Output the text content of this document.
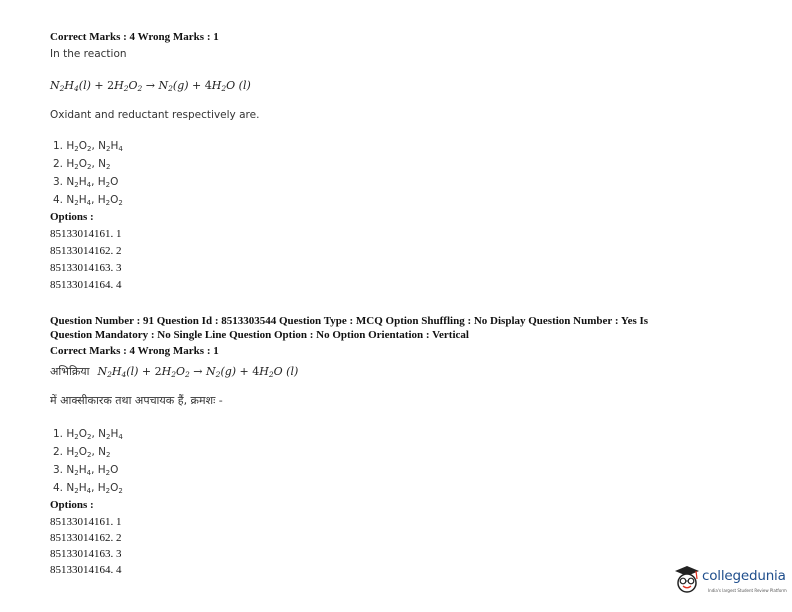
Correct Marks : 4 Wrong Marks : 1
In the reaction
$N_2H_4(l) + 2H_2O_2 \to N_2(g) + 4H_2O$ (l)
Oxidant and reductant respectively are.
1. $H_2O_2$, $N_2H_4$
2. $H_2O_2$, $N_2$
3. $N_2H_4$, $H_2O$
4. $N_2H_4$, $H_2O_2$
Options :
85133014161. 1
85133014162. 2
85133014163. 3
85133014164. 4
Question Number : 91 Question Id : 8513303544 Question Type : MCQ Option Shuffling : No Display Question Number : Yes Is
Question Mandatory : No Single Line Question Option : No Option Orientation : Vertical
Correct Marks : 4 Wrong Marks : 1
अभिक्रिया $N_2H_4(l) + 2H_2O_2 \to N_2(g) + 4H_2O$ (l)
में आक्सीकारक तथा अपचायक हैं, क्रमशः -
1. $H_2O_2$, $N_2H_4$
2. $H_2O_2$, $N_2$
3. $N_2H_4$, $H_2O$
4. $N_2H_4$, $H_2O_2$
Options :
85133014161. 1
85133014162. 2
85133014163. 3
85133014164. 4	collegedunia
India's largest Student Review Platform
